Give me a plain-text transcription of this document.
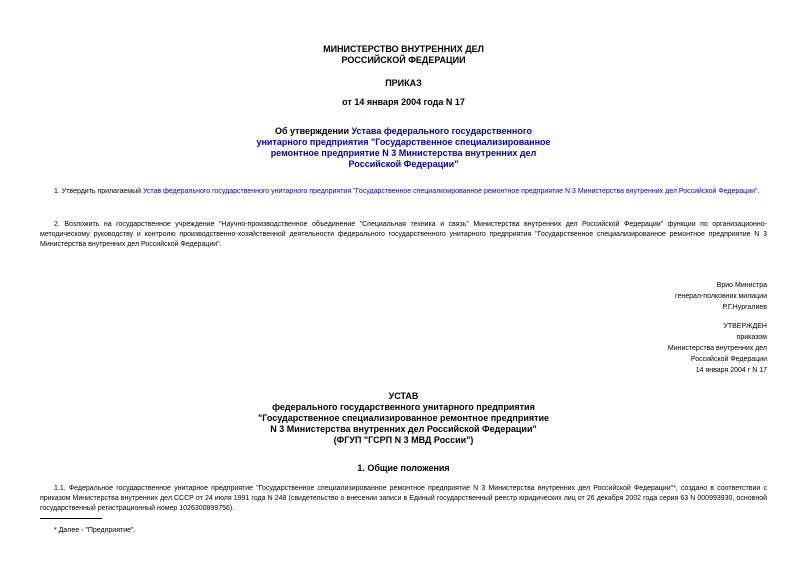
МИНИСТЕРСТВО ВНУТРЕННИХ ДЕЛ
РОССИЙСКОЙ ФЕДЕРАЦИИ
ПРИКАЗ
от 14 января 2004 года N 17
Об утверждении Устава федерального государственного
унитарного предприятия "Государственное специализированное
ремонтное предприятие N 3 Министерства внутренних дел
Российской Федерации"
1. Утвердить прилагаемый Устав федерального государственного унитарного предприятия "Государственное специализированное ремонтное предприятие N 3 Министерства внутренних дел Российской Федерации".
2. Возложить на государственное учреждение "Научно-производственное объединение "Специальная техника и связь" Министерства внутренних дел Российской Федерации" функции по организационно-методическому руководству и контролю производственно-хозяйственной деятельности федерального государственного унитарного предприятия "Государственное специализированное ремонтное предприятие N 3 Министерства внутренних дел Российской Федерации".
Врио Министра
генерал-полковник милиции
Р.Г.Нургалиев
УТВЕРЖДЕН
приказом
Министерства внутренних дел
Российской Федерации
14 января 2004 г N 17
УСТАВ
федерального государственного унитарного предприятия
"Государственное специализированное ремонтное предприятие
N 3 Министерства внутренних дел Российской Федерации"
(ФГУП "ГСРП N 3 МВД России")
1. Общие положения
1.1. Федеральное государственное унитарное предприятие "Государственное специализированное ремонтное предприятие N 3 Министерства внутренних дел Российской Федерации"*, создано в соответствии с приказом Министерства внутренних дел СССР от 24 июля 1991 года N 248 (свидетельство о внесении записи в Единый государственный реестр юридических лиц от 26 декабря 2002 года серия 63 N 000993930, основной государственный регистрационный номер 1026300899756).
* Далее - "Предприятие".
